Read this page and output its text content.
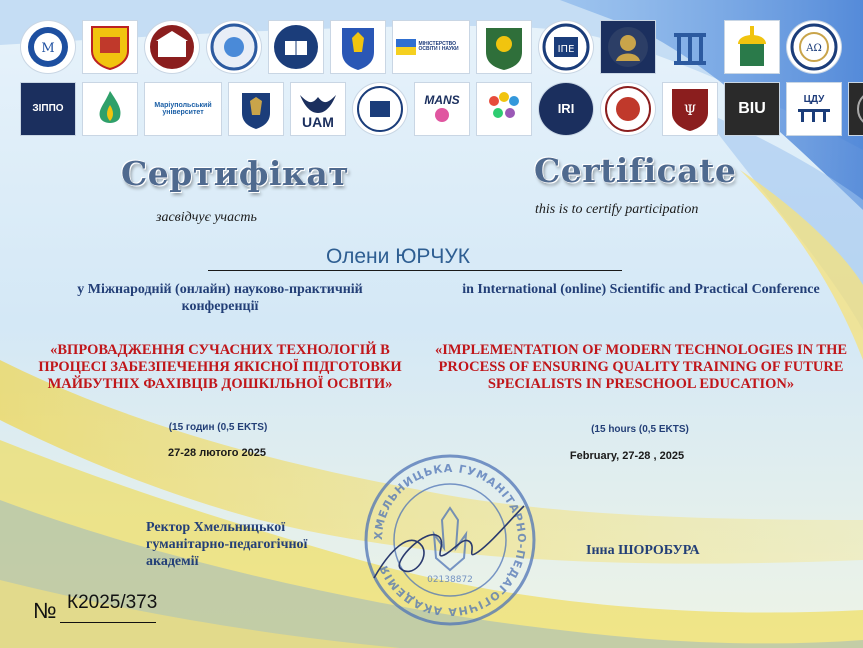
М	МІНІСТЕРСТВО ОСВІТИ І НАУКИ	ІПЕ	ΑΩ
ЗІППО	Маріупольський університет
UAM
MANS
IRI	Ψ	BIU
ЦДУ
Сертифікат	Certificate
засвідчує участь
this is to certify participation
Олени ЮРЧУК
у Міжнародній (онлайн) науково-практичній конференції
in International (online) Scientific and Practical Conference
«ВПРОВАДЖЕННЯ СУЧАСНИХ ТЕХНОЛОГІЙ В ПРОЦЕСІ ЗАБЕЗПЕЧЕННЯ ЯКІСНОЇ ПІДГОТОВКИ МАЙБУТНІХ ФАХІВЦІВ ДОШКІЛЬНОЇ ОСВІТИ»
«IMPLEMENTATION OF MODERN TECHNOLOGIES IN THE PROCESS OF ENSURING QUALITY TRAINING OF FUTURE SPECIALISTS IN PRESCHOOL EDUCATION»
(15 годин (0,5 EKTS)	(15 hours (0,5 EKTS)
27-28 лютого 2025	February, 27-28 , 2025
ХМЕЛЬНИЦЬКА ГУМАНІТАРНО-ПЕДАГОГІЧНА АКАДЕМІЯ
02138872
Ректор Хмельницької гуманітарно-педагогічної академії
Інна ШОРОБУРА
№ К2025/373
